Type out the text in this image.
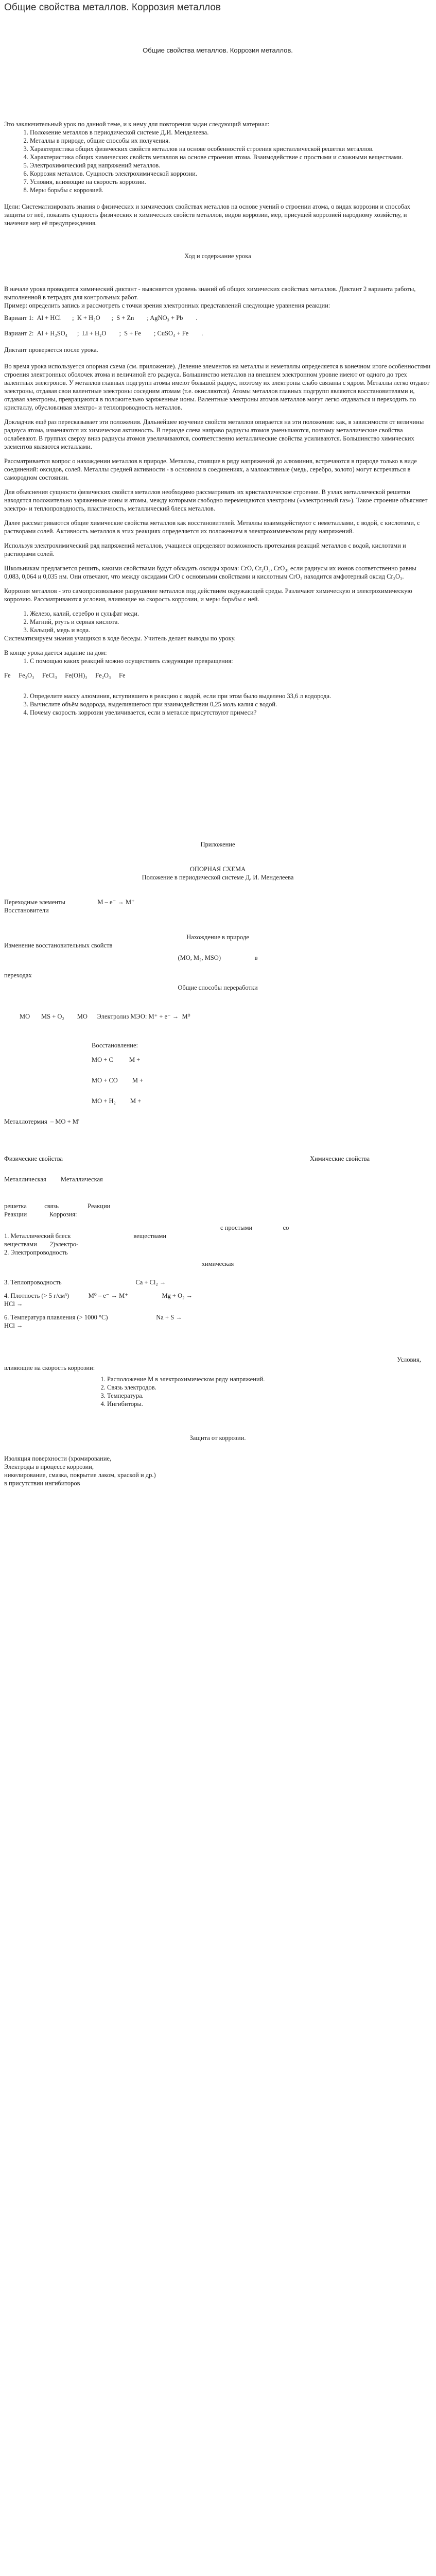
Общие свойства металлов. Коррозия металлов

Общие свойства металлов. Коррозия металлов.

Это заключительный урок по данной теме, и к нему для повторения задан следующий материал:

1. Положение металлов в периодической системе Д.И. Менделеева.
2. Металлы в природе, общие способы их получения.
3. Характеристика общих физических свойств металлов на основе особенностей строения кристаллической решетки металлов.
4. Характеристика общих химических свойств металлов на основе строения атома. Взаимодействие с простыми и сложными веществами.
5. Электрохимический ряд напряжений металлов.
6. Коррозия металлов. Сущность электрохимической коррозии.
7. Условия, влияющие на скорость коррозии.
8. Меры борьбы с коррозией.

Цели: Систематизировать знания о физических и химических свойствах металлов на основе учений о строении атома, о видах коррозии и способах защиты от неё, показать сущность физических и химических свойств металлов, видов коррозии, мер, присущей коррозией народному хозяйству, и значение мер её предупреждения.

Ход и содержание урока

В начале урока проводится химический диктант - выясняется уровень знаний об общих химических свойствах металлов. Диктант 2 варианта работы, выполненной в тетрадях для контрольных работ.

Пример: определить запись и рассмотреть с точки зрения электронных представлений следующие уравнения реакции:

Вариант 1:  Al + HCl       ;  K + H₂O       ;  S + Zn        ; AgNO₃ + Pb        .

Вариант 2:  Al + H₂SO₄      ;  Li + H₂O        ;  S + Fe        ; CuSO₄ + Fe        .

Диктант проверяется после урока.

Во время урока используется опорная схема (см. приложение). Деление элементов на металлы и неметаллы определяется в конечном итоге особенностями строения электронных оболочек атома и величиной его радиуса. Большинство металлов на внешнем электронном уровне имеют от одного до трех валентных электронов. У металлов главных подгрупп атомы имеют большой радиус, поэтому их электроны слабо связаны с ядром. Металлы легко отдают электроны, отдавая свои валентные электроны соседним атомам (т.е. окисляются). Атомы металлов главных подгрупп являются восстановителями и, отдавая электроны, превращаются в положительно заряженные ионы. Валентные электроны атомов металлов могут легко отдаваться и переходить по кристаллу, обусловливая электро- и теплопроводность металлов.

Докладчик ещё раз пересказывает эти положения. Дальнейшее изучение свойств металлов опирается на эти положения: как, в зависимости от величины радиуса атома, изменяются их химическая активность. В периоде слева направо радиусы атомов уменьшаются, поэтому металлические свойства ослабевают. В группах сверху вниз радиусы атомов увеличиваются, соответственно металлические свойства усиливаются. Большинство химических элементов являются металлами.

Рассматривается вопрос о нахождении металлов в природе. Металлы, стоящие в ряду напряжений до алюминия, встречаются в природе только в виде соединений: оксидов, солей. Металлы средней активности - в основном в соединениях, а малоактивные (медь, серебро, золото) могут встречаться в самородном состоянии.

Для объяснения сущности физических свойств металлов необходимо рассматривать их кристаллическое строение. В узлах металлической решетки находятся положительно заряженные ионы и атомы, между которыми свободно перемещаются электроны («электронный газ»). Такое строение объясняет электро- и теплопроводность, пластичность, металлический блеск металлов.

Далее рассматриваются общие химические свойства металлов как восстановителей. Металлы взаимодействуют с неметаллами, с водой, с кислотами, с растворами солей. Активность металлов в этих реакциях определяется их положением в электрохимическом ряду напряжений.

Используя электрохимический ряд напряжений металлов, учащиеся определяют возможность протекания реакций металлов с водой, кислотами и растворами солей.

Школьникам предлагается решить, какими свойствами будут обладать оксиды хрома: CrO, Cr₂O₃, CrO₃, если радиусы их ионов соответственно равны 0,083, 0,064 и 0,035 нм. Они отвечают, что между оксидами CrO с основными свойствами и кислотным CrO₃ находится амфотерный оксид Cr₂O₃.

Коррозия металлов - это самопроизвольное разрушение металлов под действием окружающей среды. Различают химическую и электрохимическую коррозию. Рассматриваются условия, влияющие на скорость коррозии, и меры борьбы с ней.

1. Железо, калий, серебро и сульфат меди.
2. Магний, ртуть и серная кислота.
3. Кальций, медь и вода.

Систематизируем знания учащихся в ходе беседы. Учитель делает выводы по уроку.

В конце урока дается задание на дом:

1. С помощью каких реакций можно осуществить следующие превращения:

Fe     Fe₂O₃     FeCl₃     Fe(OH)₃     Fe₂O₃     Fe

2. Определите массу алюминия, вступившего в реакцию с водой, если при этом было выделено 33,6 л водорода.
3. Вычислите объём водорода, выделившегося при взаимодействии 0,25 моль калия с водой.
4. Почему скорость коррозии увеличивается, если в металле присутствуют примеси?

Приложение

ОПОРНАЯ СХЕМА

Положение в периодической системе Д. И. Менделеева

Переходные элементы                    M – e⁻ → M⁺

Восстановители

Нахождение в природе

Изменение восстановительных свойств

(MO, M₂, MSO)                     в

переходах

Общие способы переработки

MO       MS + O₂        MO      Электролиз МЭО: M⁺ + e⁻ →  M⁰

Восстановление:

MO + C          M +

MO + CO         M +

MO + H₂         M +

Металлотермия  – MO + M'

Физические свойства	Химические свойства

Металлическая         Металлическая

решетка           связь                  Реакции

Реакции              Коррозия:

с простыми                   со

1. Металлический блеск                                       веществами

веществами        2)электро-

2. Электропроводность

химическая

3. Теплопроводность                                              Ca + Cl₂ →

4. Плотность (> 5 г/см³)            M⁰ – e⁻ → M⁺                     Mg + O₂ →

HCl →

6. Температура плавления (> 1000 °C)                              Na + S →

HCl →

Условия,

влияющие на скорость коррозии:

1. Расположение М в электрохимическом ряду напряжений.
2. Связь электродов.
3. Температура.
4. Ингибиторы.

Защита от коррозии.

Изоляция поверхности (хромирование,

Электроды в процессе коррозии,

никелирование, смазка, покрытие лаком, краской и др.)

в присутствии ингибиторов
